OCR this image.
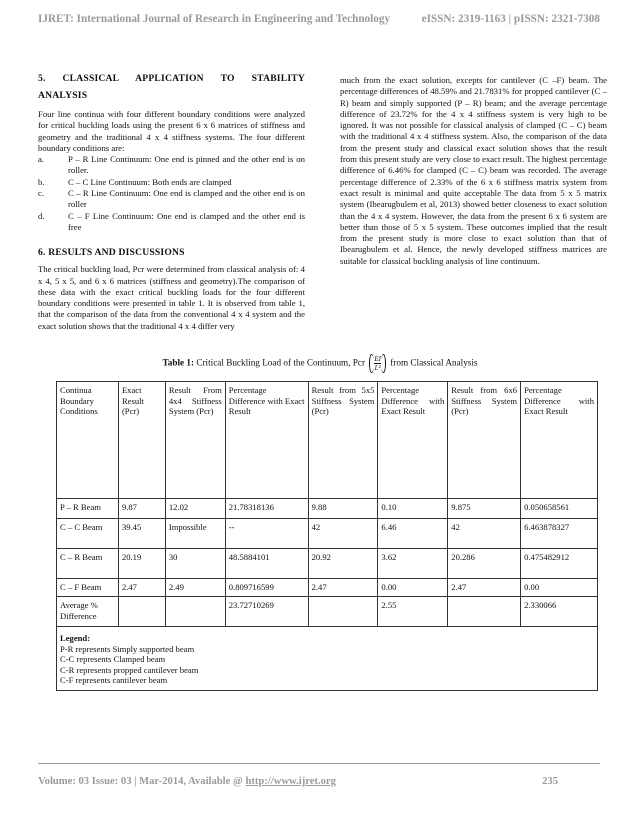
IJRET: International Journal of Research in Engineering and Technology	eISSN: 2319-1163 | pISSN: 2321-7308
5. CLASSICAL APPLICATION TO STABILITY
ANALYSIS
Four line continua with four different boundary conditions were analyzed for critical buckling loads using the present 6 x 6 matrices of stiffness and geometry and the traditional 4 x 4 stiffness systems. The four different boundary conditions are:
a.	P – R Line Continuum: One end is pinned and the other end is on roller.
b.	C – C Line Continuum: Both ends are clamped
c.	C – R Line Continuum: One end is clamped and the other end is on roller
d.	C – F Line Continuum: One end is clamped and the other end is free
6. RESULTS AND DISCUSSIONS
The critical buckling load, Pcr were determined from classical analysis of: 4 x 4, 5 x 5, and 6 x 6 matrices (stiffness and geometry).The comparison of these data with the exact critical buckling loads for the four different boundary conditions were presented in table 1. It is observed from table 1, that the comparison of the data from the conventional 4 x 4 system and the exact solution shows that the traditional 4 x 4 differ very
much from the exact solution, excepts for cantilever (C –F) beam. The percentage differences of 48.59% and 21.7831% for propped cantilever (C – R) beam and simply supported (P – R) beam; and the average percentage difference of 23.72% for the 4 x 4 stiffness system is very high to be ignored. It was not possible for classical analysis of clamped (C – C) beam with the traditional 4 x 4 stiffness system. Also, the comparison of the data from the present study and classical exact solution shows that the result from this present study are very close to exact result. The highest percentage difference of 6.46% for clamped (C – C) beam was recorded. The average percentage difference of 2.33% of the 6 x 6 stiffness matrix system from exact result is minimal and quite acceptable The data from 5 x 5 matrix system (Ibearugbulem et al, 2013) showed better closeness to exact solution than the 4 x 4 system. However, the data from the present 6 x 6 system are better than those of 5 x 5 system. These outcomes implied that the result from the present study is more close to exact solution than that of Ibearugbulem et al. Hence, the newly developed stiffness matrices are suitable for classical buckling analysis of line continuum.
Table 1: Critical Buckling Load of the Continuum, Pcr $\frac{EI}{\text{L²}}$ from Classical Analysis
Continua Boundary Conditions	Exact Result (Pcr)	Result From 4x4 Stiffness System (Pcr)	Percentage Difference with Exact Result	Result from 5x5 Stiffness System (Pcr)	Percentage Difference with Exact Result	Result from 6x6 Stiffness System (Pcr)	Percentage Difference with Exact Result
P – R Beam	9.87	12.02	21.78318136	9.88	0.10	9.875	0.050658561
C – C Beam	39.45	Impossible	--	42	6.46	42	6.463878327
C – R Beam	20.19	30	48.5884101	20.92	3.62	20.286	0.475482912
C – F Beam	2.47	2.49	0.809716599	2.47	0.00	2.47	0.00
Average % Difference			23.72710269		2.55		2.330066

Legend:
P-R represents Simply supported beam
C-C represents Clamped beam
C-R represents propped cantilever beam
C-F represents cantilever beam							
Volume: 03 Issue: 03 | Mar-2014, Available @ http://www.ijret.org	235
